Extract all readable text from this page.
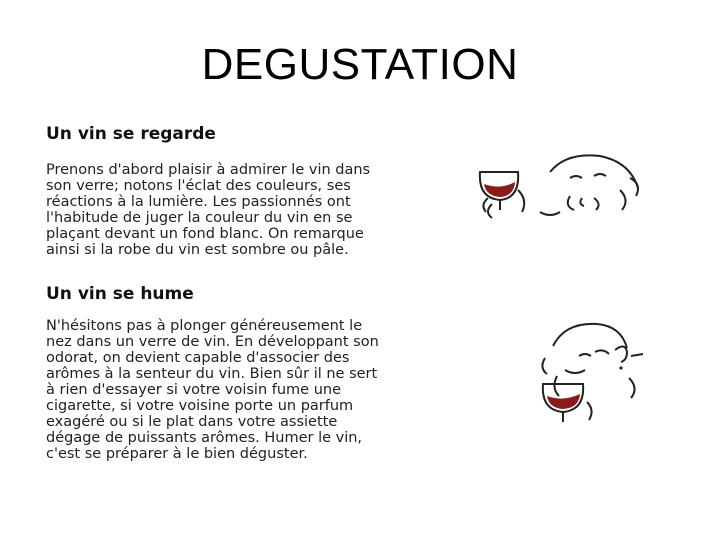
DEGUSTATION
Un vin se regarde
Prenons d'abord plaisir à admirer le vin dans
son verre; notons l'éclat des couleurs, ses
réactions à la lumière. Les passionnés ont
l'habitude de juger la couleur du vin en se
plaçant devant un fond blanc. On remarque
ainsi si la robe du vin est sombre ou pâle.
Un vin se hume
N'hésitons pas à plonger généreusement le
nez dans un verre de vin. En développant son
odorat, on devient capable d'associer des
arômes à la senteur du vin. Bien sûr il ne sert
à rien d'essayer si votre voisin fume une
cigarette, si votre voisine porte un parfum
exagéré ou si le plat dans votre assiette
dégage de puissants arômes. Humer le vin,
c'est se préparer à le bien déguster.
